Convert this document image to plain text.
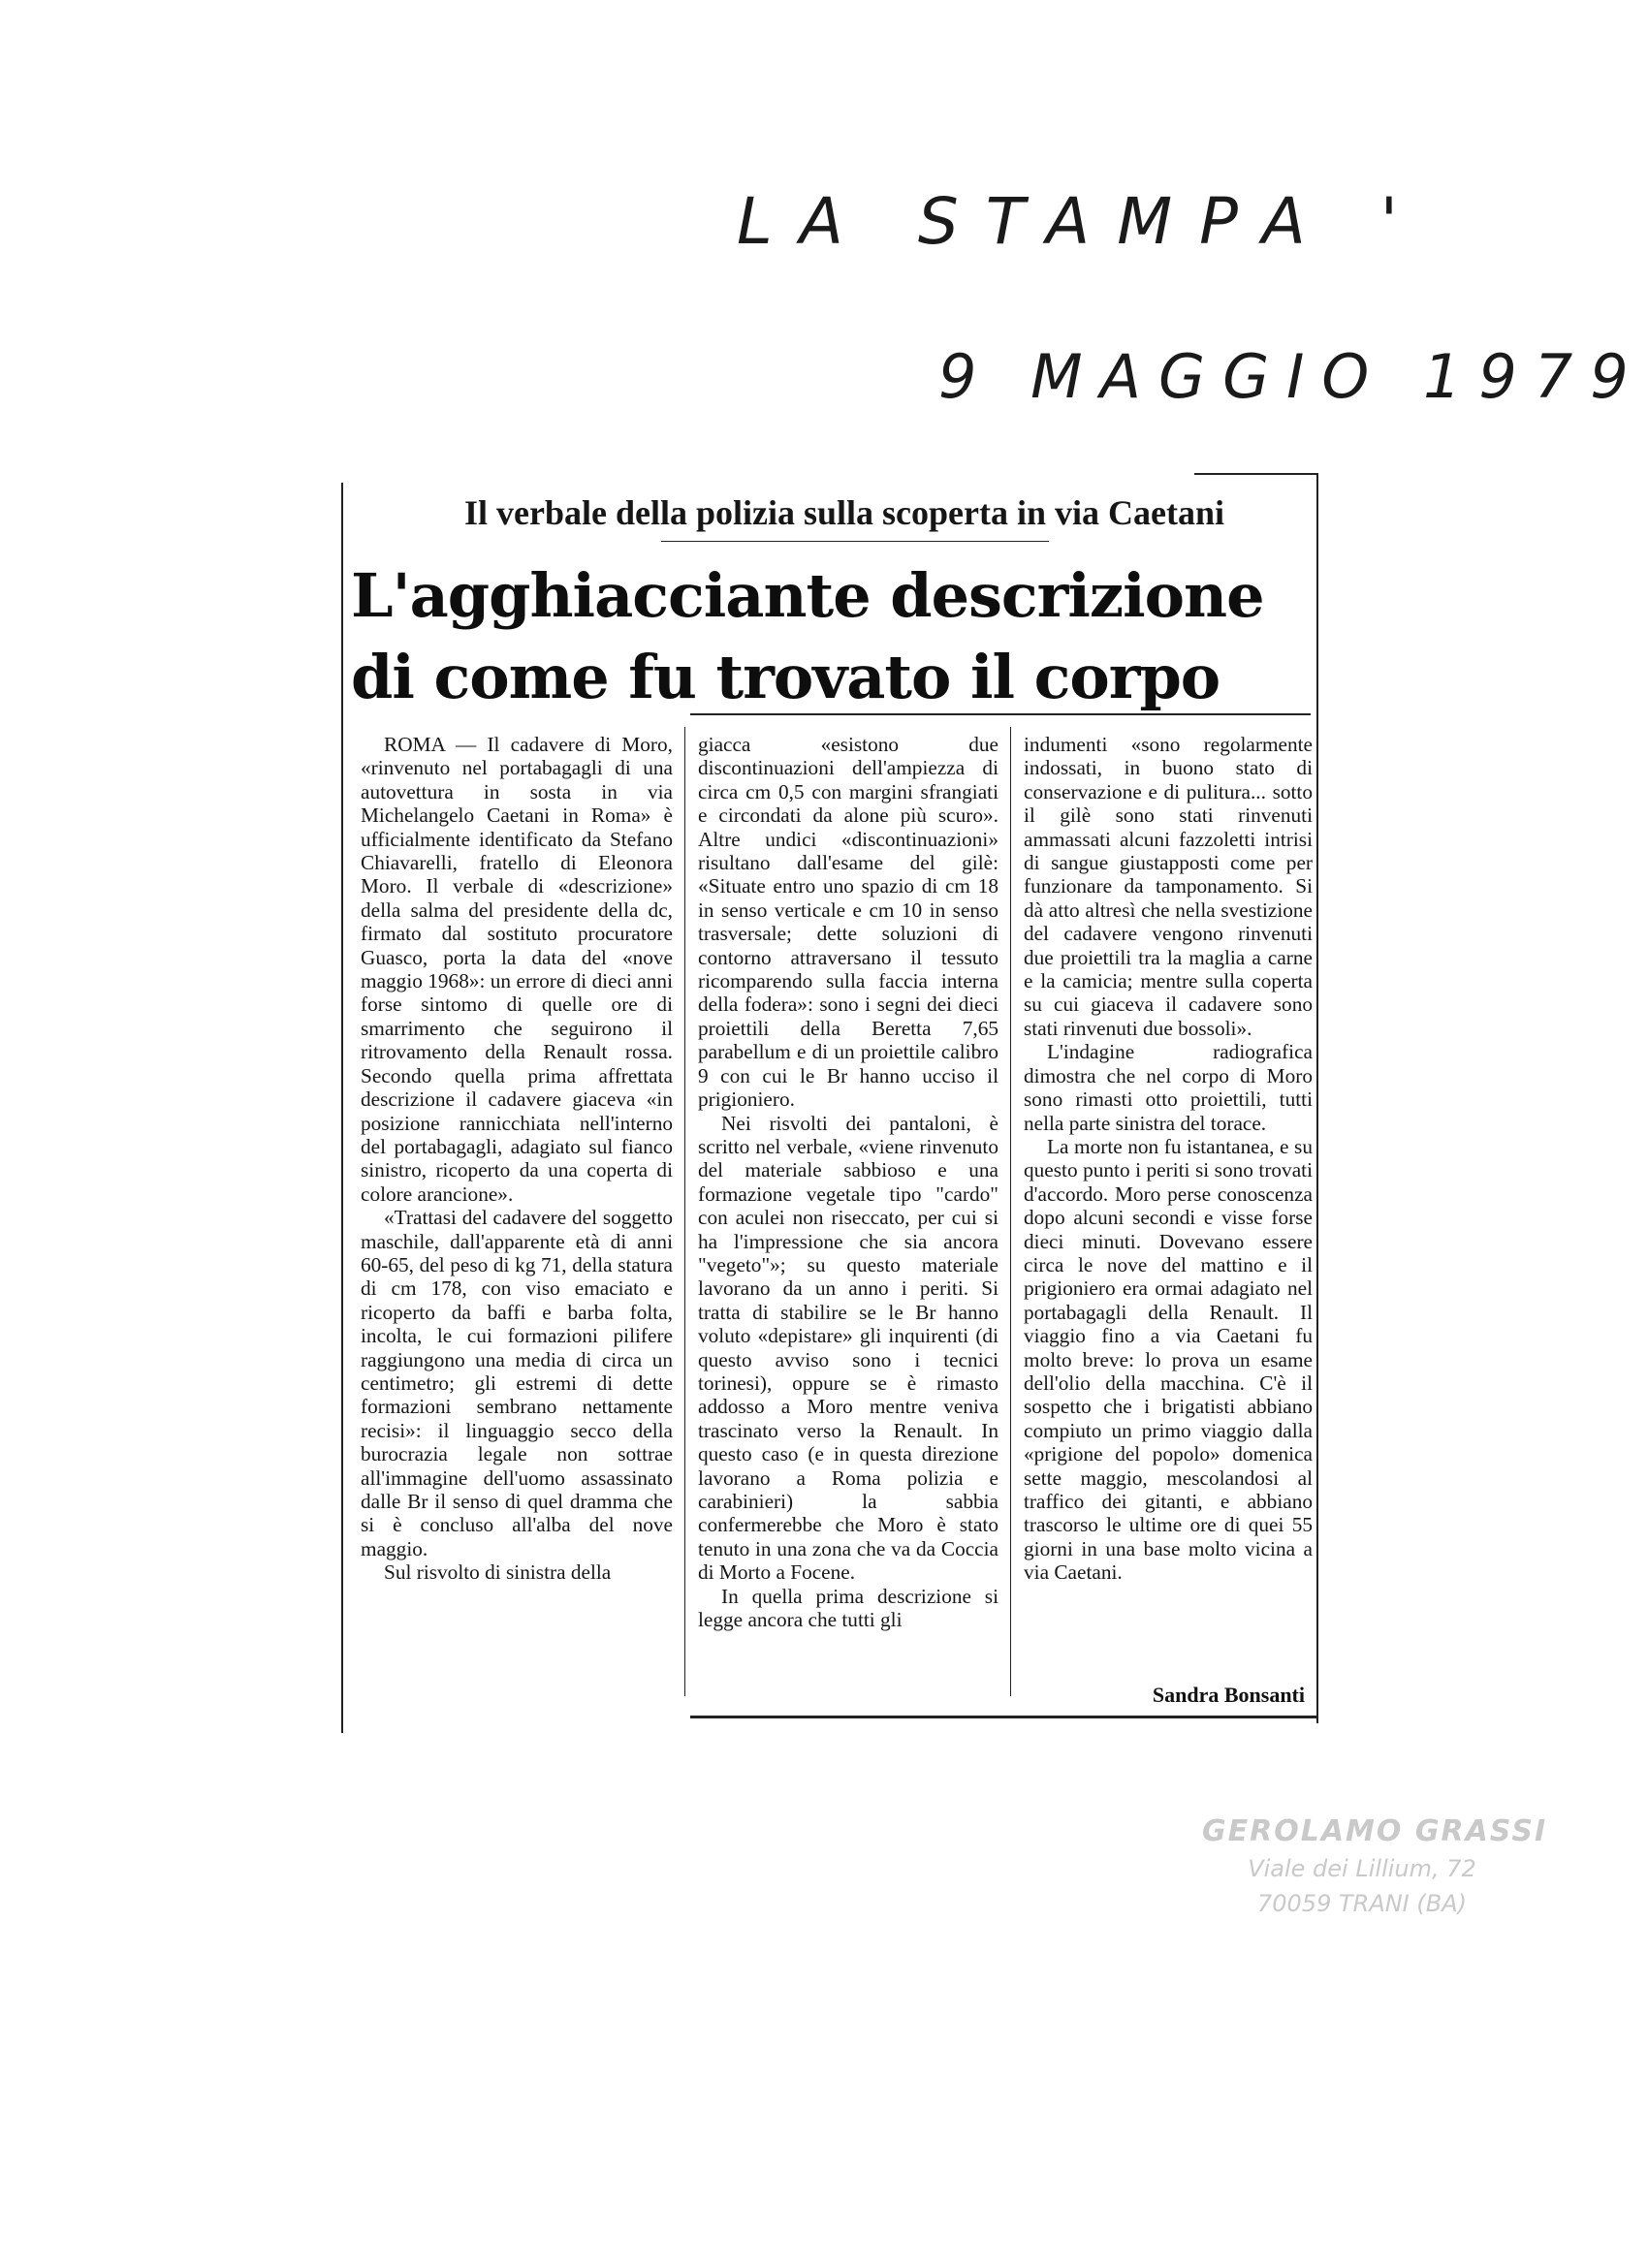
LA STAMPA '
9 MAGGIO 1979
Il verbale della polizia sulla scoperta in via Caetani
L'agghiacciante descrizione
di come fu trovato il corpo

ROMA — Il cadavere di Moro, «rinvenuto nel portabagagli di una autovettura in sosta in via Michelangelo Caetani in Roma» è ufficialmente identificato da Stefano Chiavarelli, fratello di Eleonora Moro. Il verbale di «descrizione» della salma del presidente della dc, firmato dal sostituto procuratore Guasco, porta la data del «nove maggio 1968»: un errore di dieci anni forse sintomo di quelle ore di smarrimento che seguirono il ritrovamento della Renault rossa. Secondo quella prima affrettata descrizione il cadavere giaceva «in posizione rannicchiata nell'interno del portabagagli, adagiato sul fianco sinistro, ricoperto da una coperta di colore arancione».

«Trattasi del cadavere del soggetto maschile, dall'apparente età di anni 60-65, del peso di kg 71, della statura di cm 178, con viso emaciato e ricoperto da baffi e barba folta, incolta, le cui formazioni pilifere raggiungono una media di circa un centimetro; gli estremi di dette formazioni sembrano nettamente recisi»: il linguaggio secco della burocrazia legale non sottrae all'immagine dell'uomo assassinato dalle Br il senso di quel dramma che si è concluso all'alba del nove maggio.

Sul risvolto di sinistra della

giacca «esistono due discontinuazioni dell'ampiezza di circa cm 0,5 con margini sfrangiati e circondati da alone più scuro». Altre undici «discontinuazioni» risultano dall'esame del gilè: «Situate entro uno spazio di cm 18 in senso verticale e cm 10 in senso trasversale; dette soluzioni di contorno attraversano il tessuto ricomparendo sulla faccia interna della fodera»: sono i segni dei dieci proiettili della Beretta 7,65 parabellum e di un proiettile calibro 9 con cui le Br hanno ucciso il prigioniero.

Nei risvolti dei pantaloni, è scritto nel verbale, «viene rinvenuto del materiale sabbioso e una formazione vegetale tipo "cardo" con aculei non riseccato, per cui si ha l'impressione che sia ancora "vegeto"»; su questo materiale lavorano da un anno i periti. Si tratta di stabilire se le Br hanno voluto «depistare» gli inquirenti (di questo avviso sono i tecnici torinesi), oppure se è rimasto addosso a Moro mentre veniva trascinato verso la Renault. In questo caso (e in questa direzione lavorano a Roma polizia e carabinieri) la sabbia confermerebbe che Moro è stato tenuto in una zona che va da Coccia di Morto a Focene.

In quella prima descrizione si legge ancora che tutti gli

indumenti «sono regolarmente indossati, in buono stato di conservazione e di pulitura... sotto il gilè sono stati rinvenuti ammassati alcuni fazzoletti intrisi di sangue giustapposti come per funzionare da tamponamento. Si dà atto altresì che nella svestizione del cadavere vengono rinvenuti due proiettili tra la maglia a carne e la camicia; mentre sulla coperta su cui giaceva il cadavere sono stati rinvenuti due bossoli».

L'indagine radiografica dimostra che nel corpo di Moro sono rimasti otto proiettili, tutti nella parte sinistra del torace.

La morte non fu istantanea, e su questo punto i periti si sono trovati d'accordo. Moro perse conoscenza dopo alcuni secondi e visse forse dieci minuti. Dovevano essere circa le nove del mattino e il prigioniero era ormai adagiato nel portabagagli della Renault. Il viaggio fino a via Caetani fu molto breve: lo prova un esame dell'olio della macchina. C'è il sospetto che i brigatisti abbiano compiuto un primo viaggio dalla «prigione del popolo» domenica sette maggio, mescolandosi al traffico dei gitanti, e abbiano trascorso le ultime ore di quei 55 giorni in una base molto vicina a via Caetani.

Sandra Bonsanti
GEROLAMO GRASSI
Viale dei Lillium, 72
70059 TRANI (BA)
